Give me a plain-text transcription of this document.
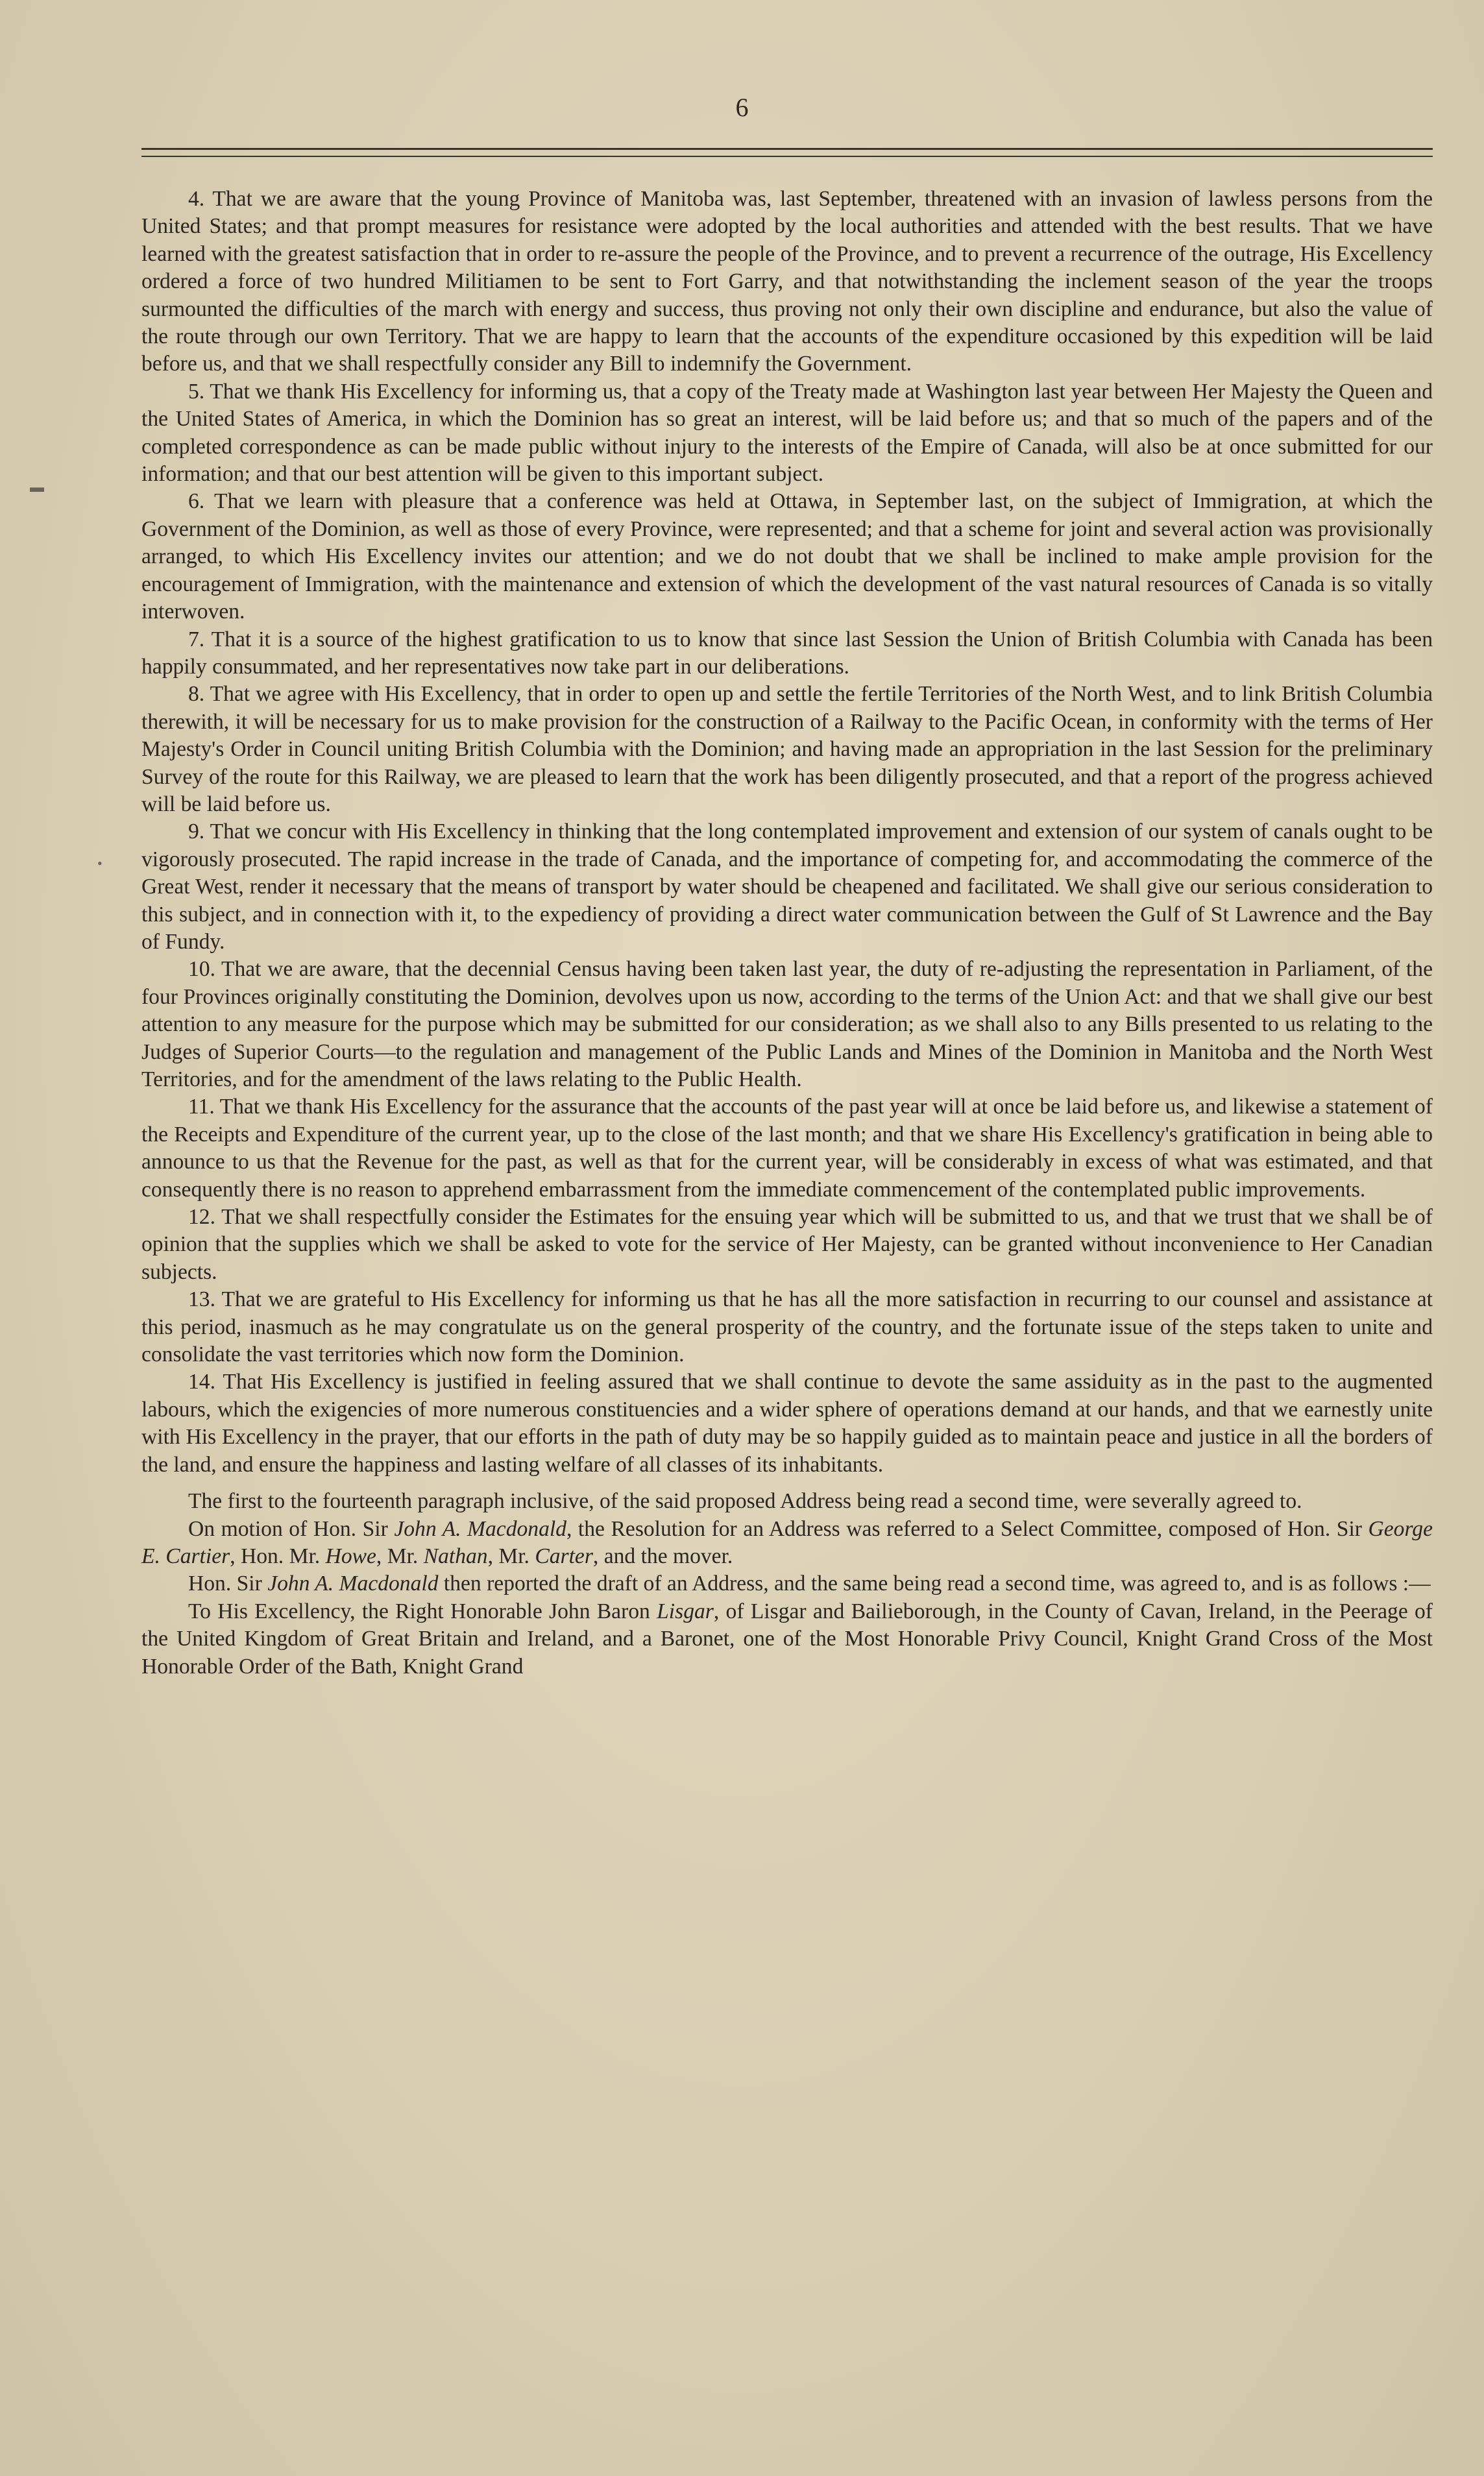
6
▬
•

4. That we are aware that the young Province of Manitoba was, last September, threatened with an invasion of lawless persons from the United States; and that prompt measures for resistance were adopted by the local authorities and attended with the best results. That we have learned with the greatest satisfaction that in order to re-assure the people of the Province, and to prevent a recurrence of the outrage, His Excellency ordered a force of two hundred Militiamen to be sent to Fort Garry, and that notwithstanding the inclement season of the year the troops surmounted the difficulties of the march with energy and success, thus proving not only their own discipline and endurance, but also the value of the route through our own Territory. That we are happy to learn that the accounts of the expenditure occasioned by this expedition will be laid before us, and that we shall respectfully consider any Bill to indemnify the Government.

5. That we thank His Excellency for informing us, that a copy of the Treaty made at Washington last year between Her Majesty the Queen and the United States of America, in which the Dominion has so great an interest, will be laid before us; and that so much of the papers and of the completed correspondence as can be made public without injury to the interests of the Empire of Canada, will also be at once submitted for our information; and that our best attention will be given to this important subject.

6. That we learn with pleasure that a conference was held at Ottawa, in September last, on the subject of Immigration, at which the Government of the Dominion, as well as those of every Province, were represented; and that a scheme for joint and several action was provisionally arranged, to which His Excellency invites our attention; and we do not doubt that we shall be inclined to make ample provision for the encouragement of Immigration, with the maintenance and extension of which the development of the vast natural resources of Canada is so vitally interwoven.

7. That it is a source of the highest gratification to us to know that since last Session the Union of British Columbia with Canada has been happily consummated, and her representatives now take part in our deliberations.

8. That we agree with His Excellency, that in order to open up and settle the fertile Territories of the North West, and to link British Columbia therewith, it will be necessary for us to make provision for the construction of a Railway to the Pacific Ocean, in conformity with the terms of Her Majesty's Order in Council uniting British Columbia with the Dominion; and having made an appropriation in the last Session for the preliminary Survey of the route for this Railway, we are pleased to learn that the work has been diligently prosecuted, and that a report of the progress achieved will be laid before us.

9. That we concur with His Excellency in thinking that the long contemplated improvement and extension of our system of canals ought to be vigorously prosecuted. The rapid increase in the trade of Canada, and the importance of competing for, and accommodating the commerce of the Great West, render it necessary that the means of transport by water should be cheapened and facilitated. We shall give our serious consideration to this subject, and in connection with it, to the expediency of providing a direct water communication between the Gulf of St Lawrence and the Bay of Fundy.

10. That we are aware, that the decennial Census having been taken last year, the duty of re-adjusting the representation in Parliament, of the four Provinces originally constituting the Dominion, devolves upon us now, according to the terms of the Union Act: and that we shall give our best attention to any measure for the purpose which may be submitted for our consideration; as we shall also to any Bills presented to us relating to the Judges of Superior Courts—to the regulation and management of the Public Lands and Mines of the Dominion in Manitoba and the North West Territories, and for the amendment of the laws relating to the Public Health.

11. That we thank His Excellency for the assurance that the accounts of the past year will at once be laid before us, and likewise a statement of the Receipts and Expenditure of the current year, up to the close of the last month; and that we share His Excellency's gratification in being able to announce to us that the Revenue for the past, as well as that for the current year, will be considerably in excess of what was estimated, and that consequently there is no reason to apprehend embarrassment from the immediate commencement of the contemplated public improvements.

12. That we shall respectfully consider the Estimates for the ensuing year which will be submitted to us, and that we trust that we shall be of opinion that the supplies which we shall be asked to vote for the service of Her Majesty, can be granted without inconvenience to Her Canadian subjects.

13. That we are grateful to His Excellency for informing us that he has all the more satisfaction in recurring to our counsel and assistance at this period, inasmuch as he may congratulate us on the general prosperity of the country, and the fortunate issue of the steps taken to unite and consolidate the vast territories which now form the Dominion.

14. That His Excellency is justified in feeling assured that we shall continue to devote the same assiduity as in the past to the augmented labours, which the exigencies of more numerous constituencies and a wider sphere of operations demand at our hands, and that we earnestly unite with His Excellency in the prayer, that our efforts in the path of duty may be so happily guided as to maintain peace and justice in all the borders of the land, and ensure the happiness and lasting welfare of all classes of its inhabitants.

The first to the fourteenth paragraph inclusive, of the said proposed Address being read a second time, were severally agreed to.

On motion of Hon. Sir John A. Macdonald, the Resolution for an Address was referred to a Select Committee, composed of Hon. Sir George E. Cartier, Hon. Mr. Howe, Mr. Nathan, Mr. Carter, and the mover.

Hon. Sir John A. Macdonald then reported the draft of an Address, and the same being read a second time, was agreed to, and is as follows :—

To His Excellency, the Right Honorable John Baron Lisgar, of Lisgar and Bailieborough, in the County of Cavan, Ireland, in the Peerage of the United Kingdom of Great Britain and Ireland, and a Baronet, one of the Most Honorable Privy Council, Knight Grand Cross of the Most Honorable Order of the Bath, Knight Grand
